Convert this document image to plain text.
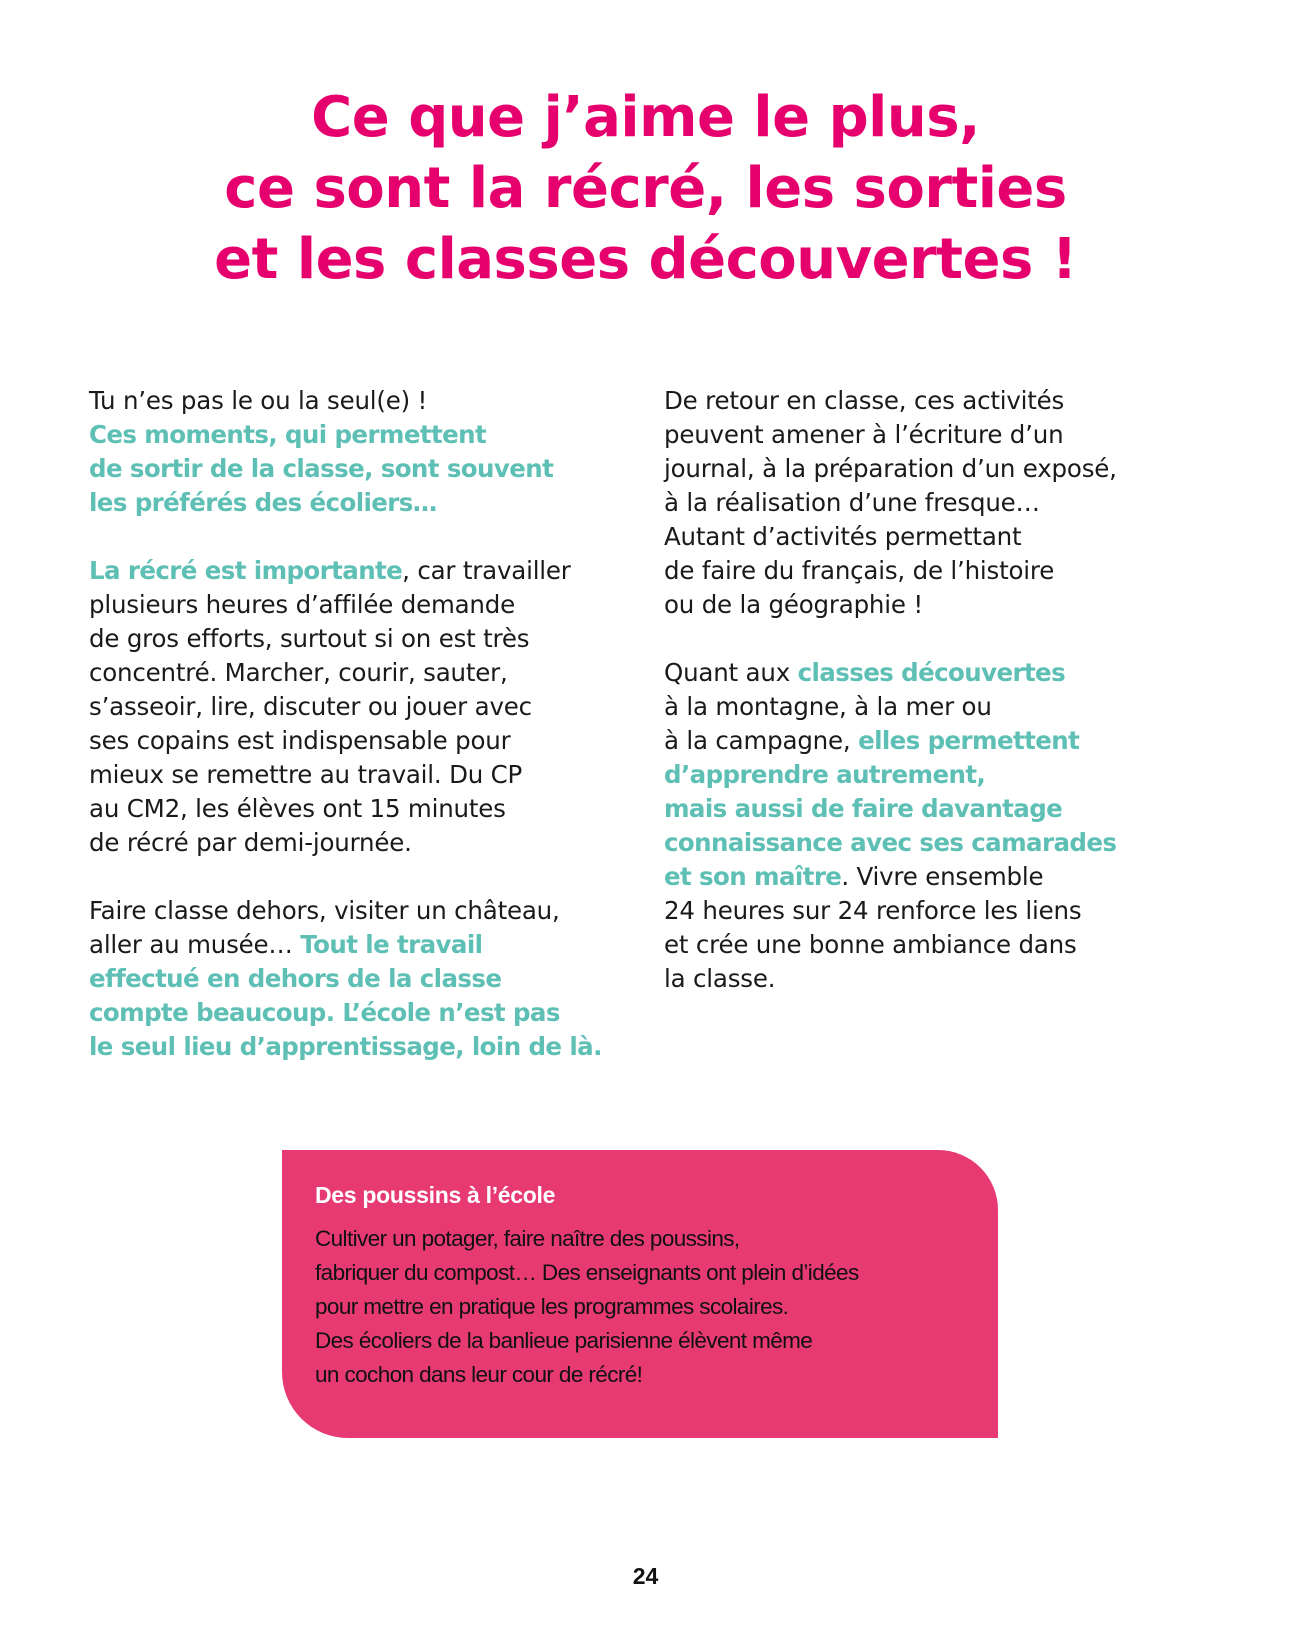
Ce que j’aime le plus,
ce sont la récré, les sorties
et les classes découvertes !
Tu n’es pas le ou la seul(e) !
Ces moments, qui permettent
de sortir de la classe, sont souvent
les préférés des écoliers…
La récré est importante, car travailler
plusieurs heures d’affilée demande
de gros efforts, surtout si on est très
concentré. Marcher, courir, sauter,
s’asseoir, lire, discuter ou jouer avec
ses copains est indispensable pour
mieux se remettre au travail. Du CP
au CM2, les élèves ont 15 minutes
de récré par demi-journée.
Faire classe dehors, visiter un château,
aller au musée… Tout le travail
effectué en dehors de la classe
compte beaucoup. L’école n’est pas
le seul lieu d’apprentissage, loin de là.
De retour en classe, ces activités
peuvent amener à l’écriture d’un
journal, à la préparation d’un exposé,
à la réalisation d’une fresque…
Autant d’activités permettant
de faire du français, de l’histoire
ou de la géographie !
Quant aux classes découvertes
à la montagne, à la mer ou
à la campagne, elles permettent
d’apprendre autrement,
mais aussi de faire davantage
connaissance avec ses camarades
et son maître. Vivre ensemble
24 heures sur 24 renforce les liens
et crée une bonne ambiance dans
la classe.
Des poussins à l’école
Cultiver un potager, faire naître des poussins,
fabriquer du compost… Des enseignants ont plein d’idées
pour mettre en pratique les programmes scolaires.
Des écoliers de la banlieue parisienne élèvent même
un cochon dans leur cour de récré!
24
